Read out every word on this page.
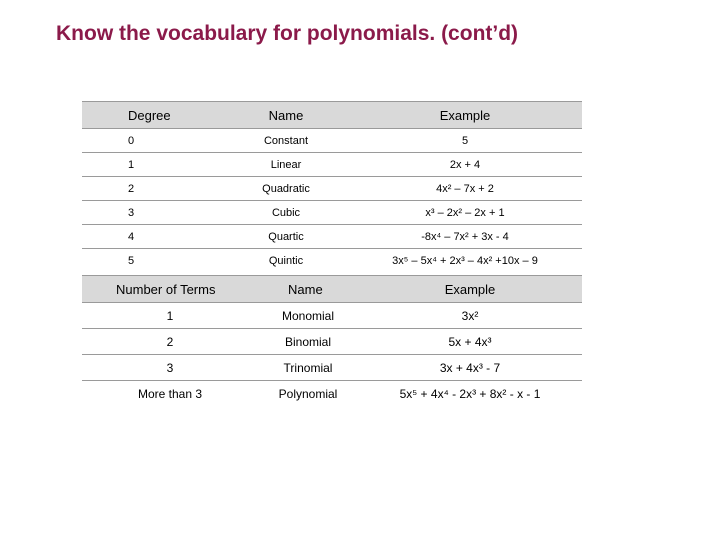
Know the vocabulary for polynomials. (cont’d)
Degree	Name	Example
0	Constant	5
1	Linear	2x + 4
2	Quadratic	4x² – 7x + 2
3	Cubic	x³ – 2x² – 2x + 1
4	Quartic	-8x⁴ – 7x² + 3x - 4
5	Quintic	3x⁵ – 5x⁴ + 2x³ – 4x² +10x – 9
Number of Terms	Name	Example
1	Monomial	3x²
2	Binomial	5x + 4x³
3	Trinomial	3x + 4x³ - 7
More than 3	Polynomial	5x⁵ + 4x⁴ - 2x³ + 8x² - x - 1
